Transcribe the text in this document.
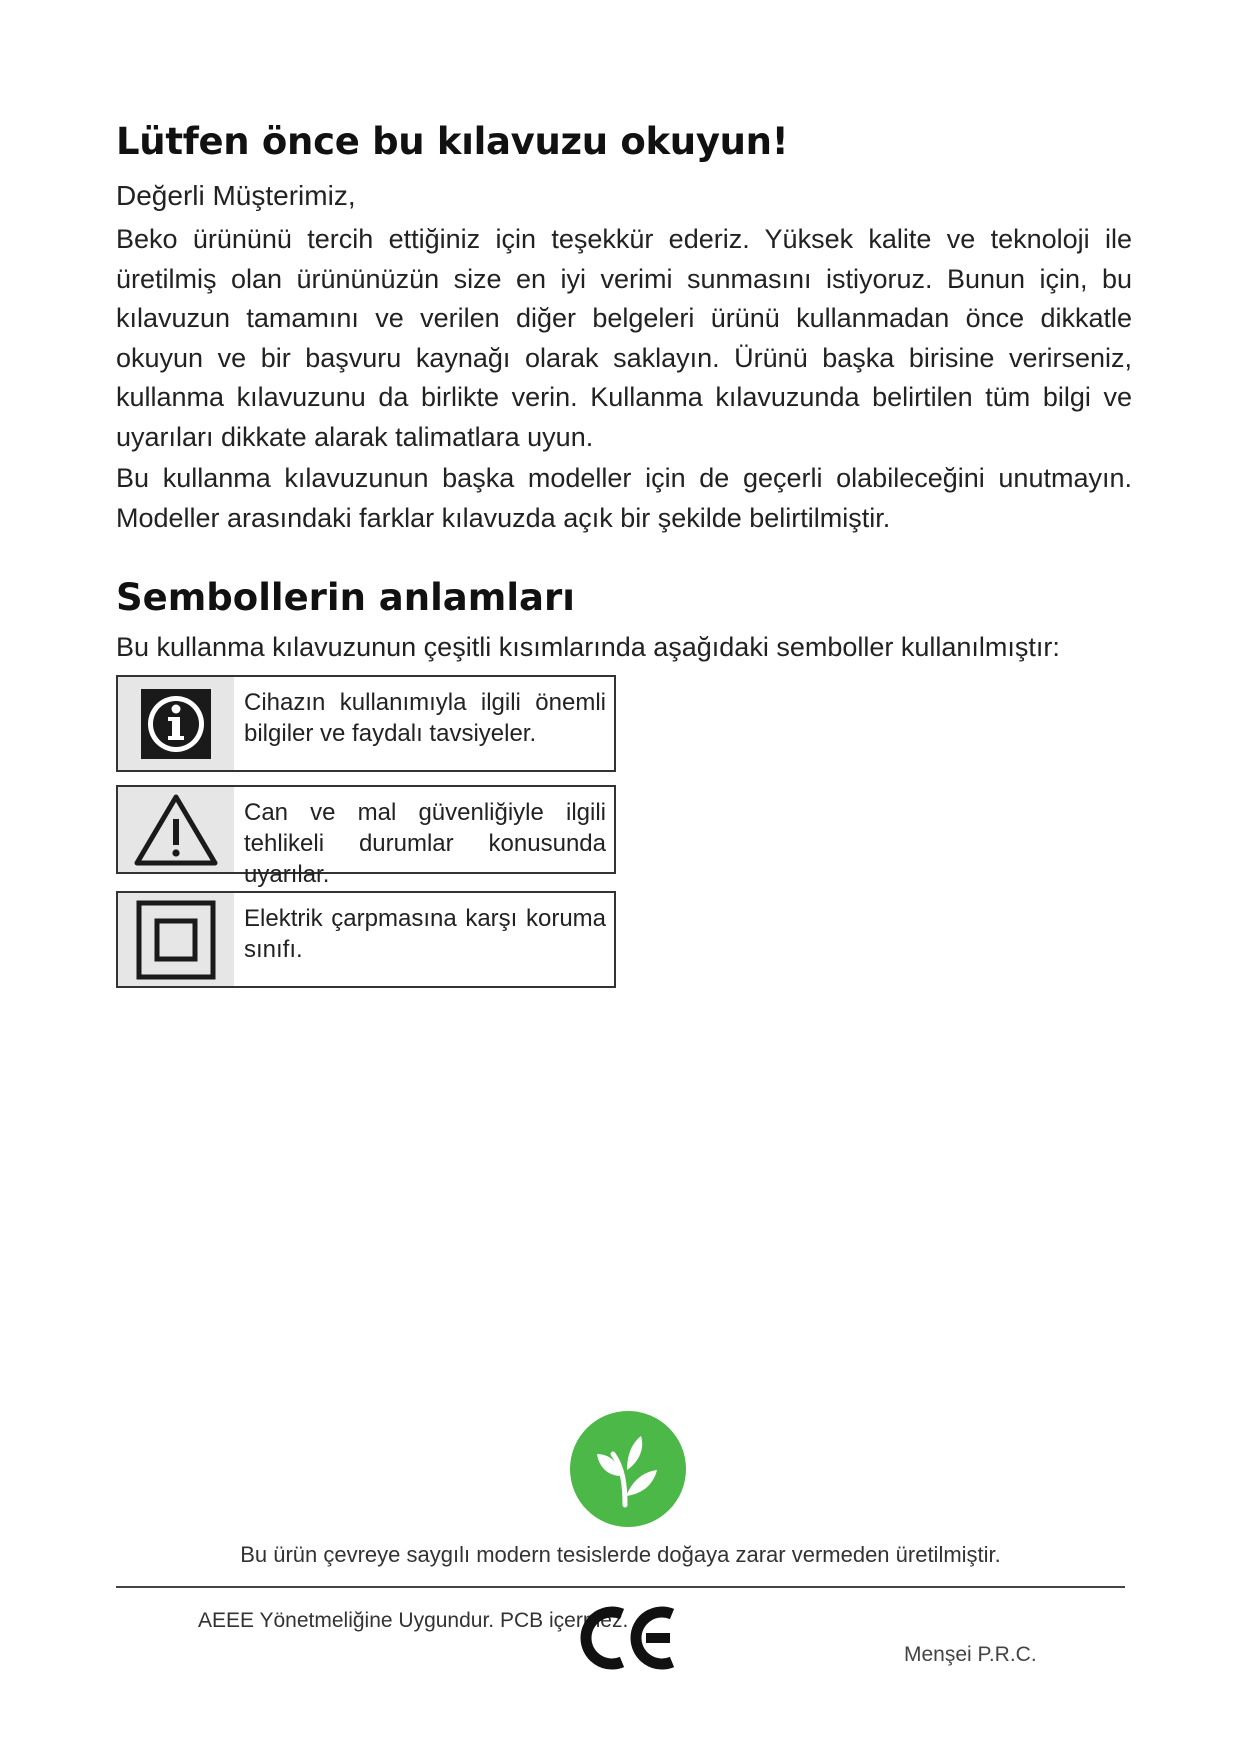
Lütfen önce bu kılavuzu okuyun!

Değerli Müşterimiz,

Beko ürününü tercih ettiğiniz için teşekkür ederiz. Yüksek kalite ve teknoloji ile üretilmiş olan ürününüzün size en iyi verimi sunmasını istiyoruz. Bunun için, bu kılavuzun tamamını ve verilen diğer belgeleri ürünü kullanmadan önce dikkatle okuyun ve bir başvuru kaynağı olarak saklayın. Ürünü başka birisine verirseniz, kullanma kılavuzunu da birlikte verin. Kullanma kılavuzunda belirtilen tüm bilgi ve uyarıları dikkate alarak talimatlara uyun.

Bu kullanma kılavuzunun başka modeller için de geçerli olabileceğini unutmayın. Modeller arasındaki farklar kılavuzda açık bir şekilde belirtilmiştir.

Sembollerin anlamları

Bu kullanma kılavuzunun çeşitli kısımlarında aşağıdaki semboller kullanılmıştır:

Cihazın kullanımıyla ilgili önemli bilgiler ve faydalı tavsiyeler.
Can ve mal güvenliğiyle ilgili tehlikeli durumlar konusunda uyarılar.
Elektrik çarpmasına karşı koruma sınıfı.

Bu ürün çevreye saygılı modern tesislerde doğaya zarar vermeden üretilmiştir.

AEEE Yönetmeliğine Uygundur. PCB içermez.

Menşei P.R.C.
